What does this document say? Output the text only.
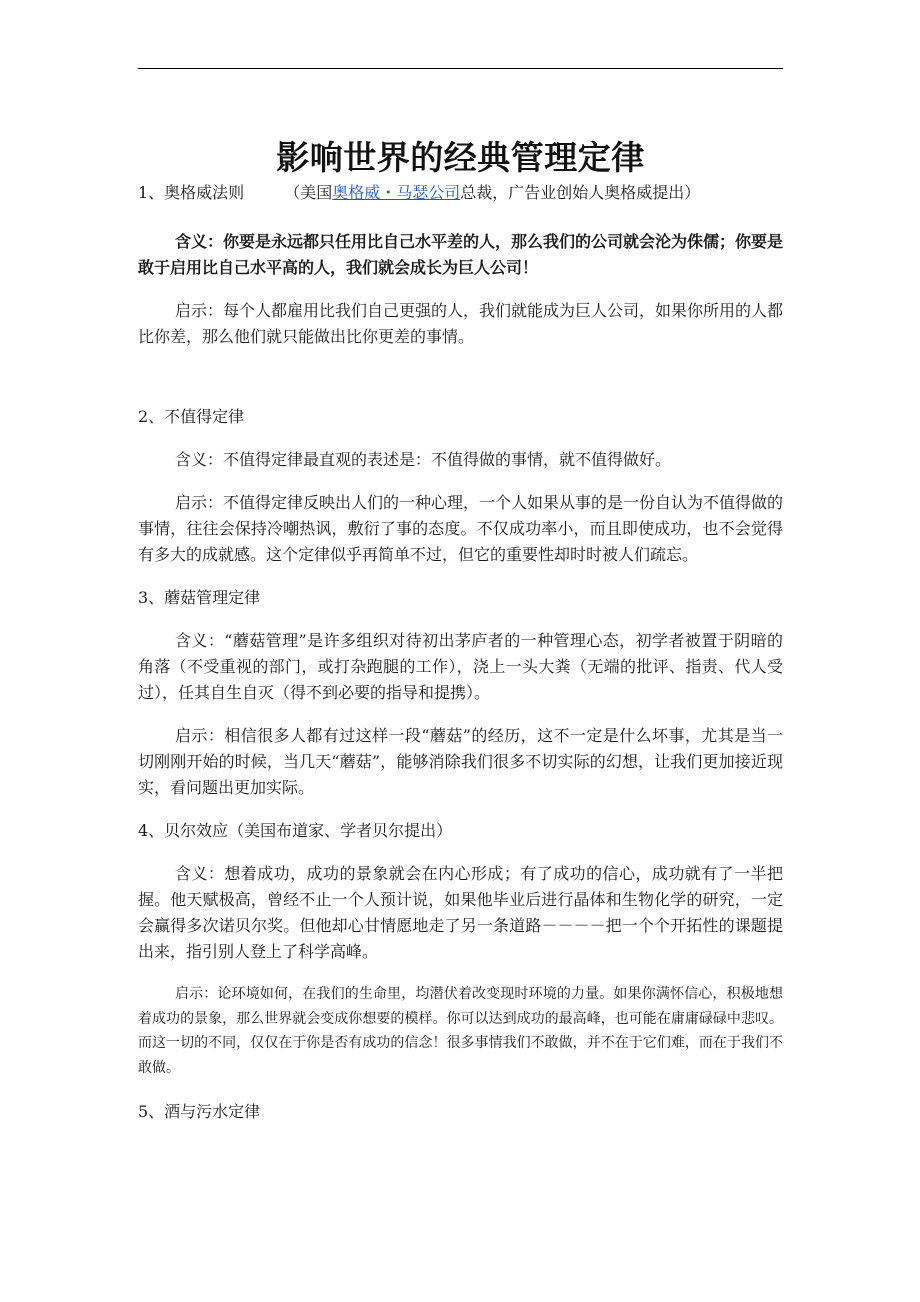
影响世界的经典管理定律

1、奥格威法则	（美国奥格威・马瑟公司总裁，广告业创始人奥格威提出）

含义：你要是永远都只任用比自己水平差的人，那么我们的公司就会沦为侏儒；你要是敢于启用比自己水平高的人，我们就会成长为巨人公司！

启示：每个人都雇用比我们自己更强的人，我们就能成为巨人公司，如果你所用的人都比你差，那么他们就只能做出比你更差的事情。

2、不值得定律

含义：不值得定律最直观的表述是：不值得做的事情，就不值得做好。

启示：不值得定律反映出人们的一种心理，一个人如果从事的是一份自认为不值得做的事情，往往会保持冷嘲热讽，敷衍了事的态度。不仅成功率小，而且即使成功，也不会觉得有多大的成就感。这个定律似乎再简单不过，但它的重要性却时时被人们疏忘。

3、蘑菇管理定律

含义：“蘑菇管理”是许多组织对待初出茅庐者的一种管理心态，初学者被置于阴暗的角落（不受重视的部门，或打杂跑腿的工作），浇上一头大粪（无端的批评、指责、代人受过），任其自生自灭（得不到必要的指导和提携）。

启示：相信很多人都有过这样一段“蘑菇”的经历，这不一定是什么坏事，尤其是当一切刚刚开始的时候，当几天“蘑菇”，能够消除我们很多不切实际的幻想，让我们更加接近现实，看问题出更加实际。

4、贝尔效应（美国布道家、学者贝尔提出）

含义：想着成功，成功的景象就会在内心形成；有了成功的信心，成功就有了一半把握。他天赋极高，曾经不止一个人预计说，如果他毕业后进行晶体和生物化学的研究，一定会赢得多次诺贝尔奖。但他却心甘情愿地走了另一条道路－－－－把一个个开拓性的课题提出来，指引别人登上了科学高峰。

启示：论环境如何，在我们的生命里，均潜伏着改变现时环境的力量。如果你满怀信心，积极地想着成功的景象，那么世界就会变成你想要的模样。你可以达到成功的最高峰，也可能在庸庸碌碌中悲叹。而这一切的不同，仅仅在于你是否有成功的信念！很多事情我们不敢做，并不在于它们难，而在于我们不敢做。

5、酒与污水定律
